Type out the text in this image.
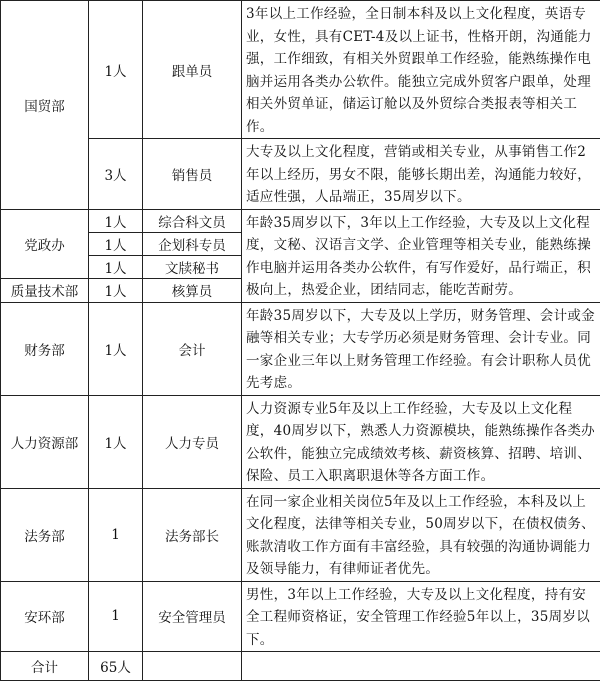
国贸部	1人	跟单员	3年以上工作经验，全日制本科及以上文化程度，英语专业，女性，具有CET-4及以上证书，性格开朗，沟通能力强，工作细致，有相关外贸跟单工作经验，能熟练操作电脑并运用各类办公软件。能独立完成外贸客户跟单，处理相关外贸单证，储运订舱以及外贸综合类报表等相关工作。
	3人	销售员	大专及以上文化程度，营销或相关专业，从事销售工作2年以上经历，男女不限，能够长期出差，沟通能力较好，适应性强，人品端正，35周岁以下。
党政办	1人	综合科文员	年龄35周岁以下，3年以上工作经验，大专及以上文化程度，文秘、汉语言文学、企业管理等相关专业，能熟练操作电脑并运用各类办公软件，有写作爱好，品行端正，积极向上，热爱企业，团结同志，能吃苦耐劳。
	1人	企划科专员	
	1人	文牍秘书	
质量技术部	1人	核算员	
财务部	1人	会计	年龄35周岁以下，大专及以上学历，财务管理、会计或金融等相关专业；大专学历必须是财务管理、会计专业。同一家企业三年以上财务管理工作经验。有会计职称人员优先考虑。
人力资源部	1人	人力专员	人力资源专业5年及以上工作经验，大专及以上文化程度，40周岁以下，熟悉人力资源模块，能熟练操作各类办公软件，能独立完成绩效考核、薪资核算、招聘、培训、保险、员工入职离职退休等各方面工作。
法务部	1	法务部长	在同一家企业相关岗位5年及以上工作经验，本科及以上文化程度，法律等相关专业，50周岁以下，在债权债务、账款清收工作方面有丰富经验，具有较强的沟通协调能力及领导能力，有律师证者优先。
安环部	1	安全管理员	男性，3年以上工作经验，大专及以上文化程度，持有安全工程师资格证，安全管理工作经验5年以上，35周岁以下。
合计	65人		
